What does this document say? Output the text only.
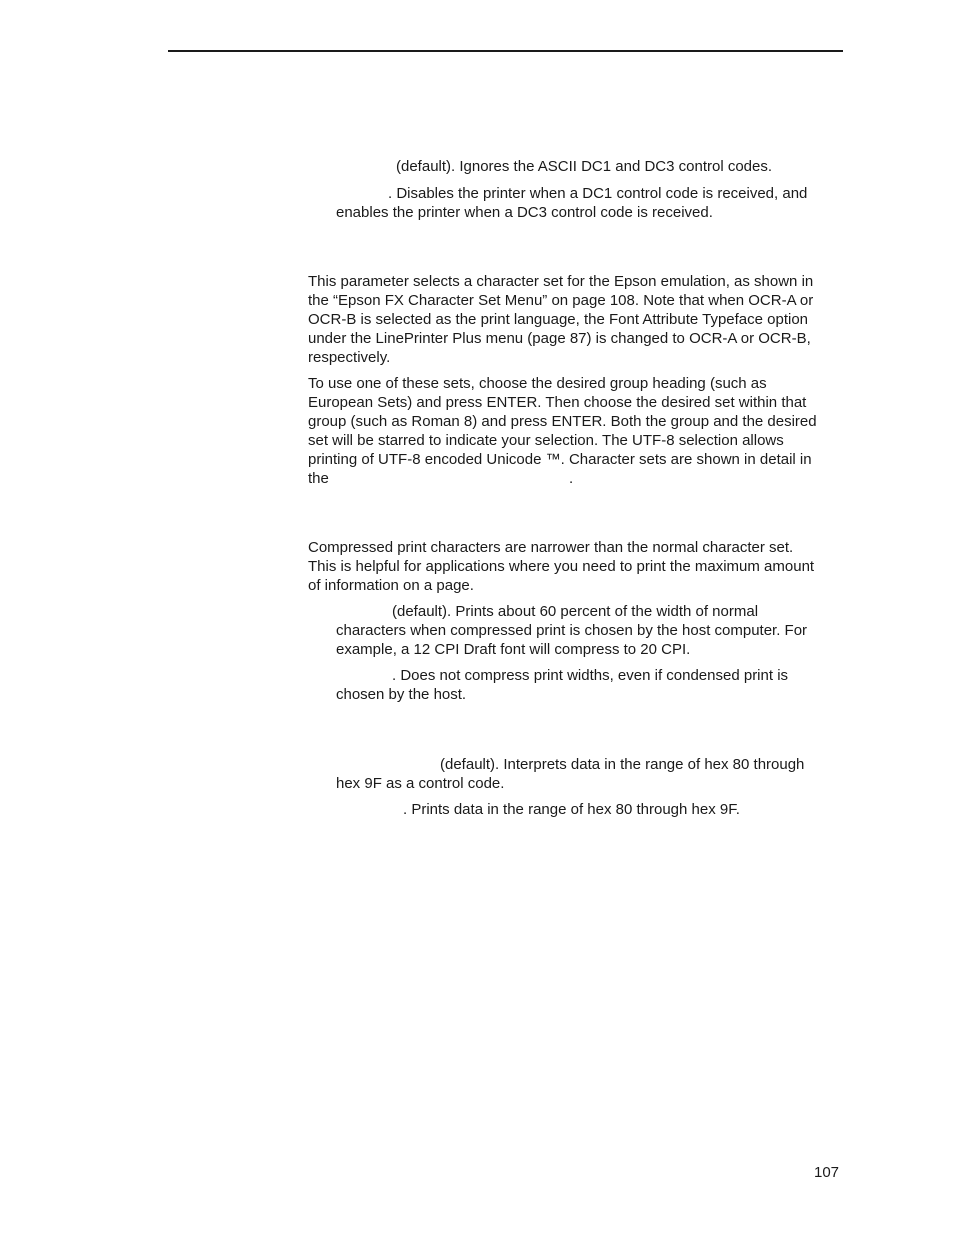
(default). Ignores the ASCII DC1 and DC3 control codes.

. Disables the printer when a DC1 control code is received, and

enables the printer when a DC3 control code is received.

This parameter selects a character set for the Epson emulation, as shown in

the “Epson FX Character Set Menu” on page 108. Note that when OCR-A or

OCR-B is selected as the print language, the Font Attribute Typeface option

under the LinePrinter Plus menu (page 87) is changed to OCR-A or OCR-B,

respectively.

To use one of these sets, choose the desired group heading (such as

European Sets) and press ENTER. Then choose the desired set within that

group (such as Roman 8) and press ENTER. Both the group and the desired

set will be starred to indicate your selection. The UTF-8 selection allows

printing of UTF-8 encoded Unicode ™. Character sets are shown in detail in

the	.

Compressed print characters are narrower than the normal character set.

This is helpful for applications where you need to print the maximum amount

of information on a page.

(default). Prints about 60 percent of the width of normal

characters when compressed print is chosen by the host computer. For

example, a 12 CPI Draft font will compress to 20 CPI.

. Does not compress print widths, even if condensed print is

chosen by the host.

(default). Interprets data in the range of hex 80 through

hex 9F as a control code.

. Prints data in the range of hex 80 through hex 9F.

107
